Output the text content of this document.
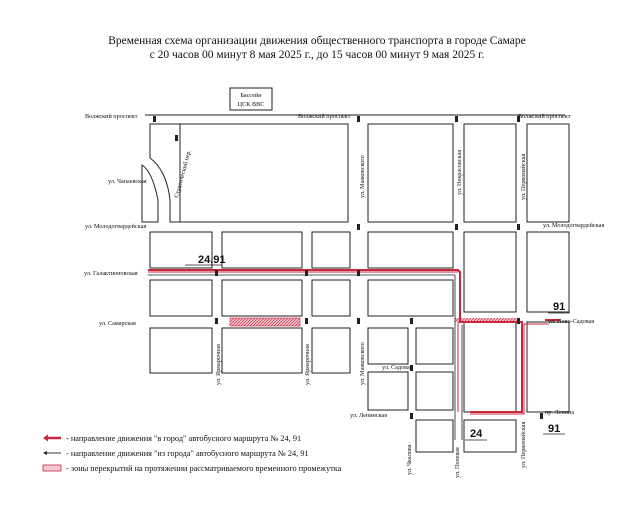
Временная схема организации движения общественного транспорта в городе Самаре
с 20 часов 00 минут 8 мая 2025 г., до 15 часов 00 минут 9 мая 2025 г.
Бассейн
ЦСК ВВС
Волжский проспект	Волжский проспект	Волжский проспект
Студенческий пер.
ул. Чапаевская
ул. Молодогвардейская	ул. Молодогвардейская
ул. Галактионовская
ул. Самарская	ул. Ново-Садовая
ул. Маяковского
ул. Маяковского
ул. Некрасовская	ул. Первомайская
ул. Первомайская
ул. Ярмарочная	ул. Ярмарочная	ул. Садовая
ул. Ленинская
ул. Чкалова	ул. Полевая
пр. Ленина
24,91
91
24	91
- направление движения "в город" автобусного маршрута № 24, 91
- направление движения "из города" автобусного маршрута № 24, 91
- зоны перекрытий на протяжении рассматриваемого временного промежутка
